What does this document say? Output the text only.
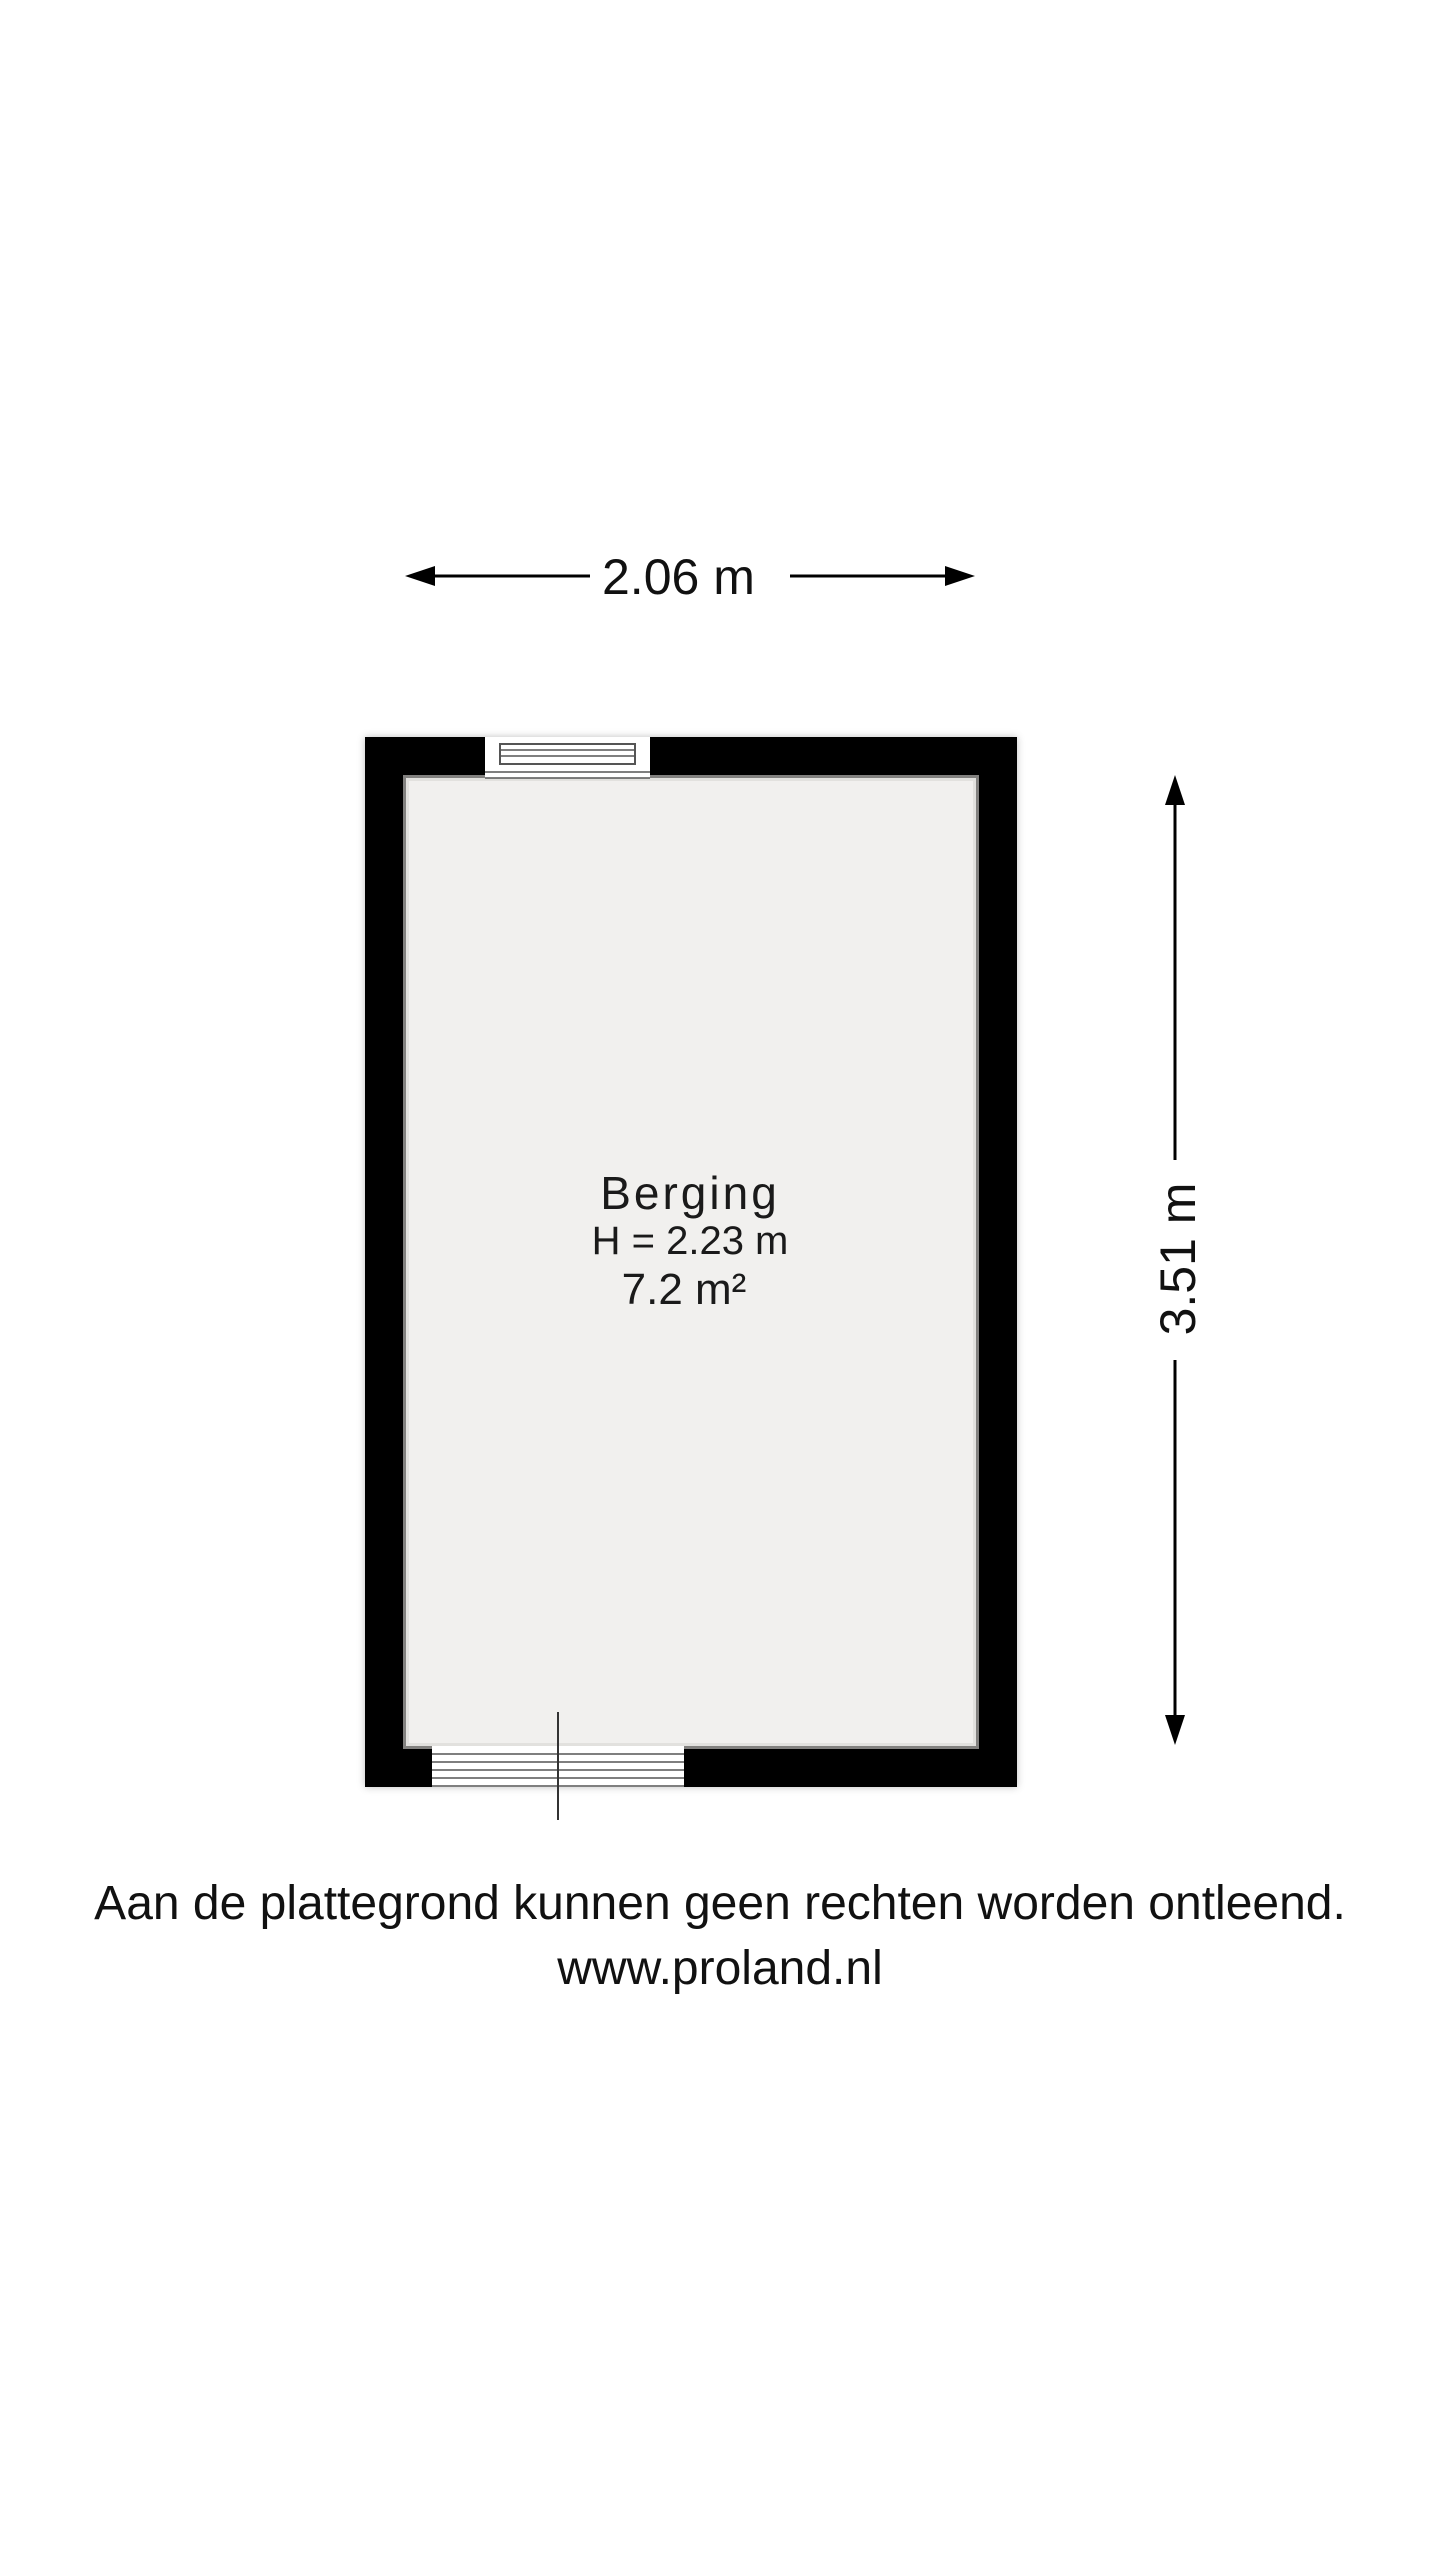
2.06 m
3.51 m
Berging
H = 2.23 m
7.2 m²
Aan de plattegrond kunnen geen rechten worden ontleend.
www.proland.nl
